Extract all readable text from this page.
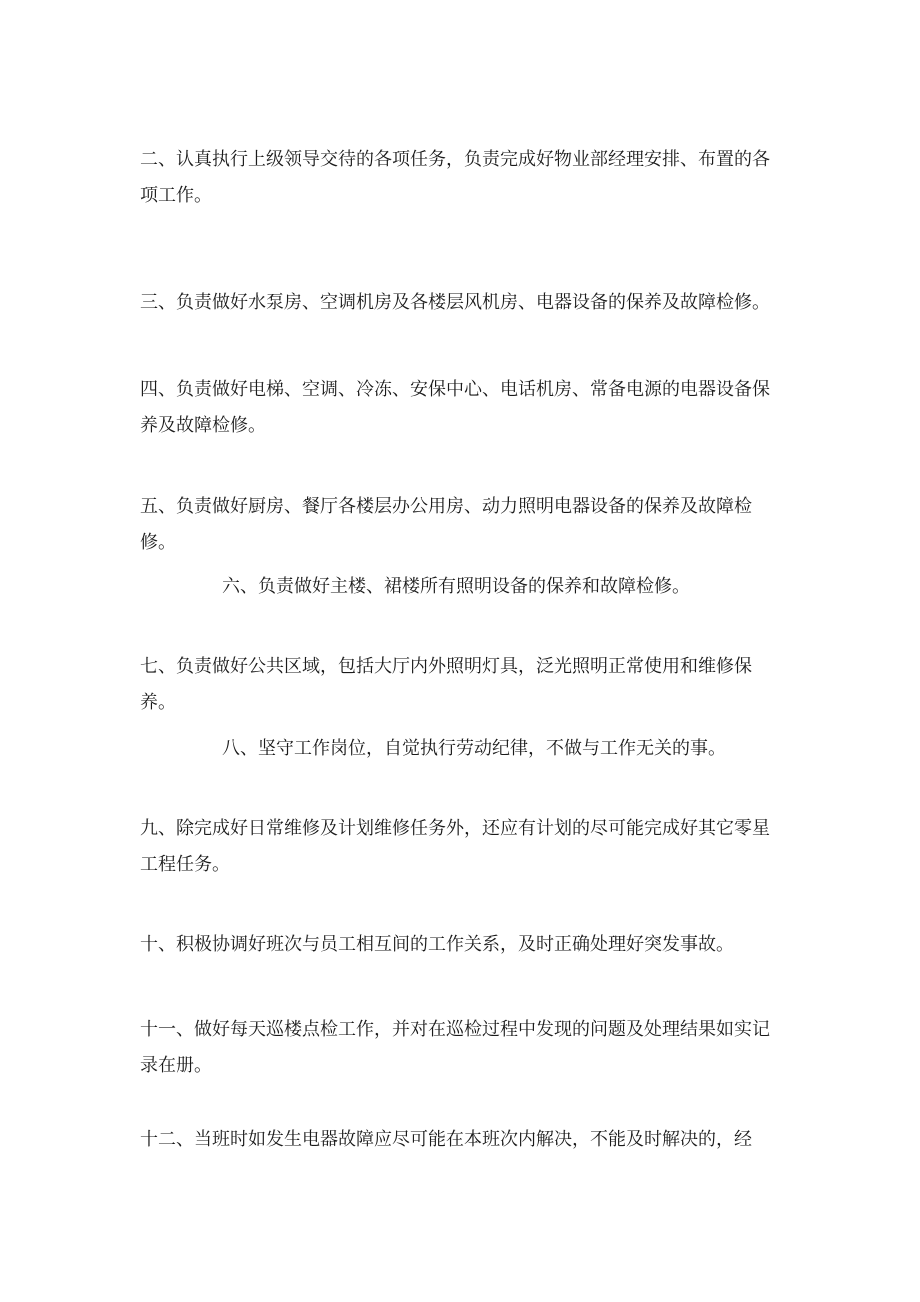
二、认真执行上级领导交待的各项任务，负责完成好物业部经理安排、布置的各项工作。

三、负责做好水泵房、空调机房及各楼层风机房、电器设备的保养及故障检修。

四、负责做好电梯、空调、冷冻、安保中心、电话机房、常备电源的电器设备保养及故障检修。

五、负责做好厨房、餐厅各楼层办公用房、动力照明电器设备的保养及故障检修。

六、负责做好主楼、裙楼所有照明设备的保养和故障检修。

七、负责做好公共区域，包括大厅内外照明灯具，泛光照明正常使用和维修保养。

八、坚守工作岗位，自觉执行劳动纪律，不做与工作无关的事。

九、除完成好日常维修及计划维修任务外，还应有计划的尽可能完成好其它零星工程任务。

十、积极协调好班次与员工相互间的工作关系，及时正确处理好突发事故。

十一、做好每天巡楼点检工作，并对在巡检过程中发现的问题及处理结果如实记录在册。

十二、当班时如发生电器故障应尽可能在本班次内解决，不能及时解决的，经
